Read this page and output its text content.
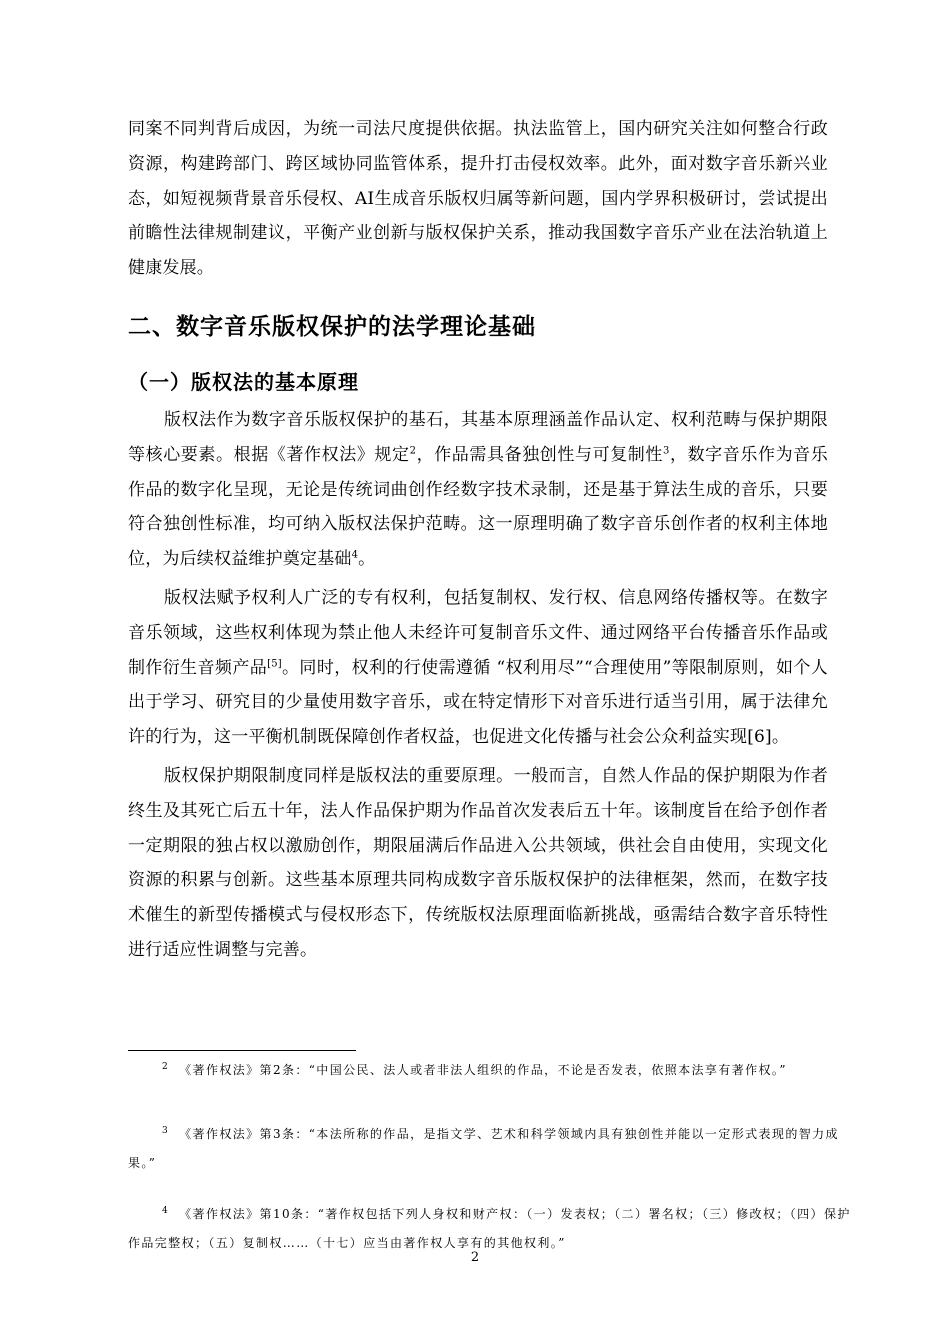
同案不同判背后成因，为统一司法尺度提供依据。执法监管上，国内研究关注如何整合行政资源，构建跨部门、跨区域协同监管体系，提升打击侵权效率。此外，面对数字音乐新兴业态，如短视频背景音乐侵权、AI生成音乐版权归属等新问题，国内学界积极研讨，尝试提出前瞻性法律规制建议，平衡产业创新与版权保护关系，推动我国数字音乐产业在法治轨道上健康发展。

二、数字音乐版权保护的法学理论基础
（一）版权法的基本原理

版权法作为数字音乐版权保护的基石，其基本原理涵盖作品认定、权利范畴与保护期限等核心要素。根据《著作权法》规定$^2$，作品需具备独创性与可复制性$^3$，数字音乐作为音乐作品的数字化呈现，无论是传统词曲创作经数字技术录制，还是基于算法生成的音乐，只要符合独创性标准，均可纳入版权法保护范畴。这一原理明确了数字音乐创作者的权利主体地位，为后续权益维护奠定基础$^4$。

版权法赋予权利人广泛的专有权利，包括复制权、发行权、信息网络传播权等。在数字音乐领域，这些权利体现为禁止他人未经许可复制音乐文件、通过网络平台传播音乐作品或制作衍生音频产品[5]。同时，权利的行使需遵循 “权利用尽”“合理使用”等限制原则，如个人出于学习、研究目的少量使用数字音乐，或在特定情形下对音乐进行适当引用，属于法律允许的行为，这一平衡机制既保障创作者权益，也促进文化传播与社会公众利益实现[6]。

版权保护期限制度同样是版权法的重要原理。一般而言，自然人作品的保护期限为作者终生及其死亡后五十年，法人作品保护期为作品首次发表后五十年。该制度旨在给予创作者一定期限的独占权以激励创作，期限届满后作品进入公共领域，供社会自由使用，实现文化资源的积累与创新。这些基本原理共同构成数字音乐版权保护的法律框架，然而，在数字技术催生的新型传播模式与侵权形态下，传统版权法原理面临新挑战，亟需结合数字音乐特性进行适应性调整与完善。

$^2$ 《著作权法》第2条：“中国公民、法人或者非法人组织的作品，不论是否发表，依照本法享有著作权。”
$^3$ 《著作权法》第3条：“本法所称的作品，是指文学、艺术和科学领域内具有独创性并能以一定形式表现的智力成果。”
$^4$ 《著作权法》第10条：“著作权包括下列人身权和财产权：（一）发表权；（二）署名权；（三）修改权；（四）保护作品完整权；（五）复制权……（十七）应当由著作权人享有的其他权利。”
2
